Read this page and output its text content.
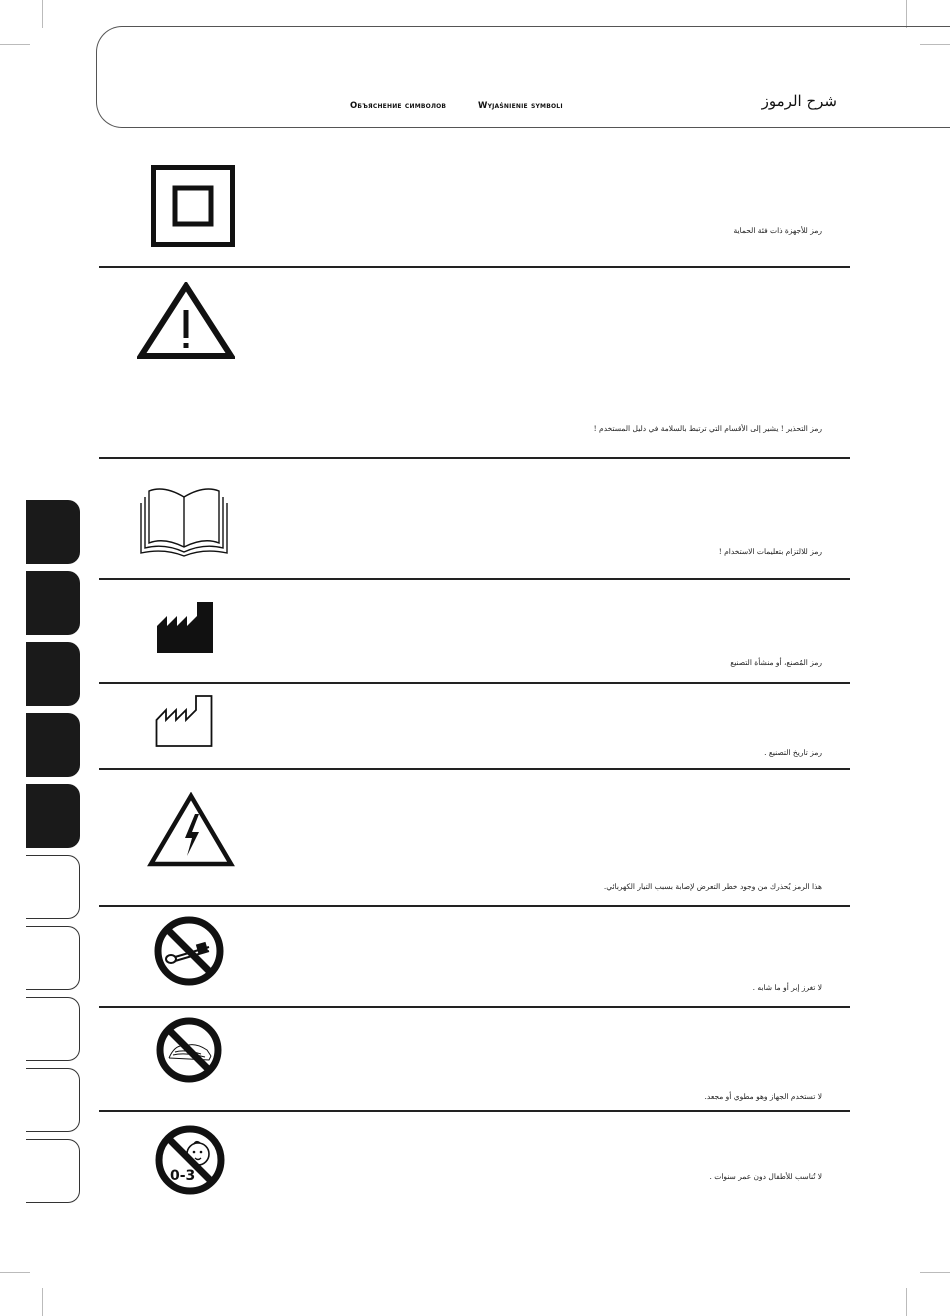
Объяснение символов	Wyjaśnienie symboli	شرح الرموز
رمز للأجهزة ذات فئة الحماية
رمز التحذير ! يشير إلى الأقسام التي ترتبط بالسلامة في دليل المستخدم !
رمز للالتزام بتعليمات الاستخدام !
رمز المُصنع، أو منشأة التصنيع
رمز تاريخ التصنيع .
هذا الرمز يُحذرك من وجود خطر التعرض لإصابة بسبب التيار الكهربائي.
لا تغرز إبر أو ما شابه .
لا تستخدم الجهاز وهو مطوي أو مجعد.
0-3	لا تُناسب للأطفال دون عمر سنوات .
